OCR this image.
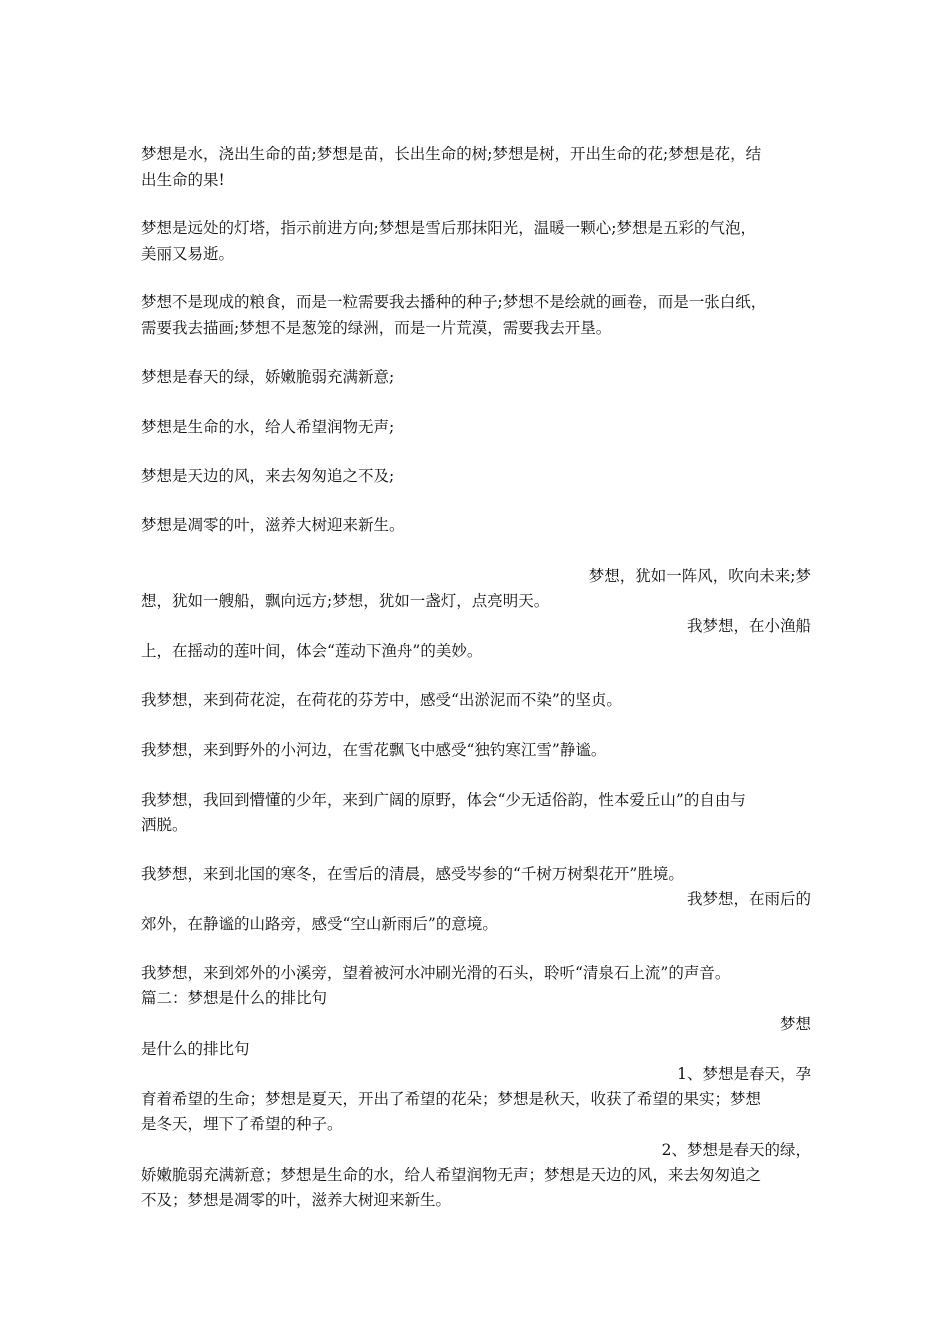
梦想是水，浇出生命的苗;梦想是苗，长出生命的树;梦想是树，开出生命的花;梦想是花，结

出生命的果!

梦想是远处的灯塔，指示前进方向;梦想是雪后那抹阳光，温暖一颗心;梦想是五彩的气泡，

美丽又易逝。

梦想不是现成的粮食，而是一粒需要我去播种的种子;梦想不是绘就的画卷，而是一张白纸，

需要我去描画;梦想不是葱笼的绿洲，而是一片荒漠，需要我去开垦。

梦想是春天的绿，娇嫩脆弱充满新意;

梦想是生命的水，给人希望润物无声;

梦想是天边的风，来去匆匆追之不及;

梦想是凋零的叶，滋养大树迎来新生。

梦想，犹如一阵风，吹向未来;梦

想，犹如一艘船，飘向远方;梦想，犹如一盏灯，点亮明天。

我梦想，在小渔船

上，在摇动的莲叶间，体会“莲动下渔舟”的美妙。

我梦想，来到荷花淀，在荷花的芬芳中，感受“出淤泥而不染”的坚贞。

我梦想，来到野外的小河边，在雪花飘飞中感受“独钓寒江雪”静谧。

我梦想，我回到懵懂的少年，来到广阔的原野，体会“少无适俗韵，性本爱丘山”的自由与

洒脱。

我梦想，来到北国的寒冬，在雪后的清晨，感受岑参的“千树万树梨花开”胜境。

我梦想，在雨后的

郊外，在静谧的山路旁，感受“空山新雨后”的意境。

我梦想，来到郊外的小溪旁，望着被河水冲刷光滑的石头，聆听“清泉石上流”的声音。

篇二：梦想是什么的排比句

梦想

是什么的排比句

1、梦想是春天，孕

育着希望的生命；梦想是夏天，开出了希望的花朵；梦想是秋天，收获了希望的果实；梦想

是冬天，埋下了希望的种子。

2、梦想是春天的绿，

娇嫩脆弱充满新意；梦想是生命的水，给人希望润物无声；梦想是天边的风，来去匆匆追之

不及；梦想是凋零的叶，滋养大树迎来新生。
